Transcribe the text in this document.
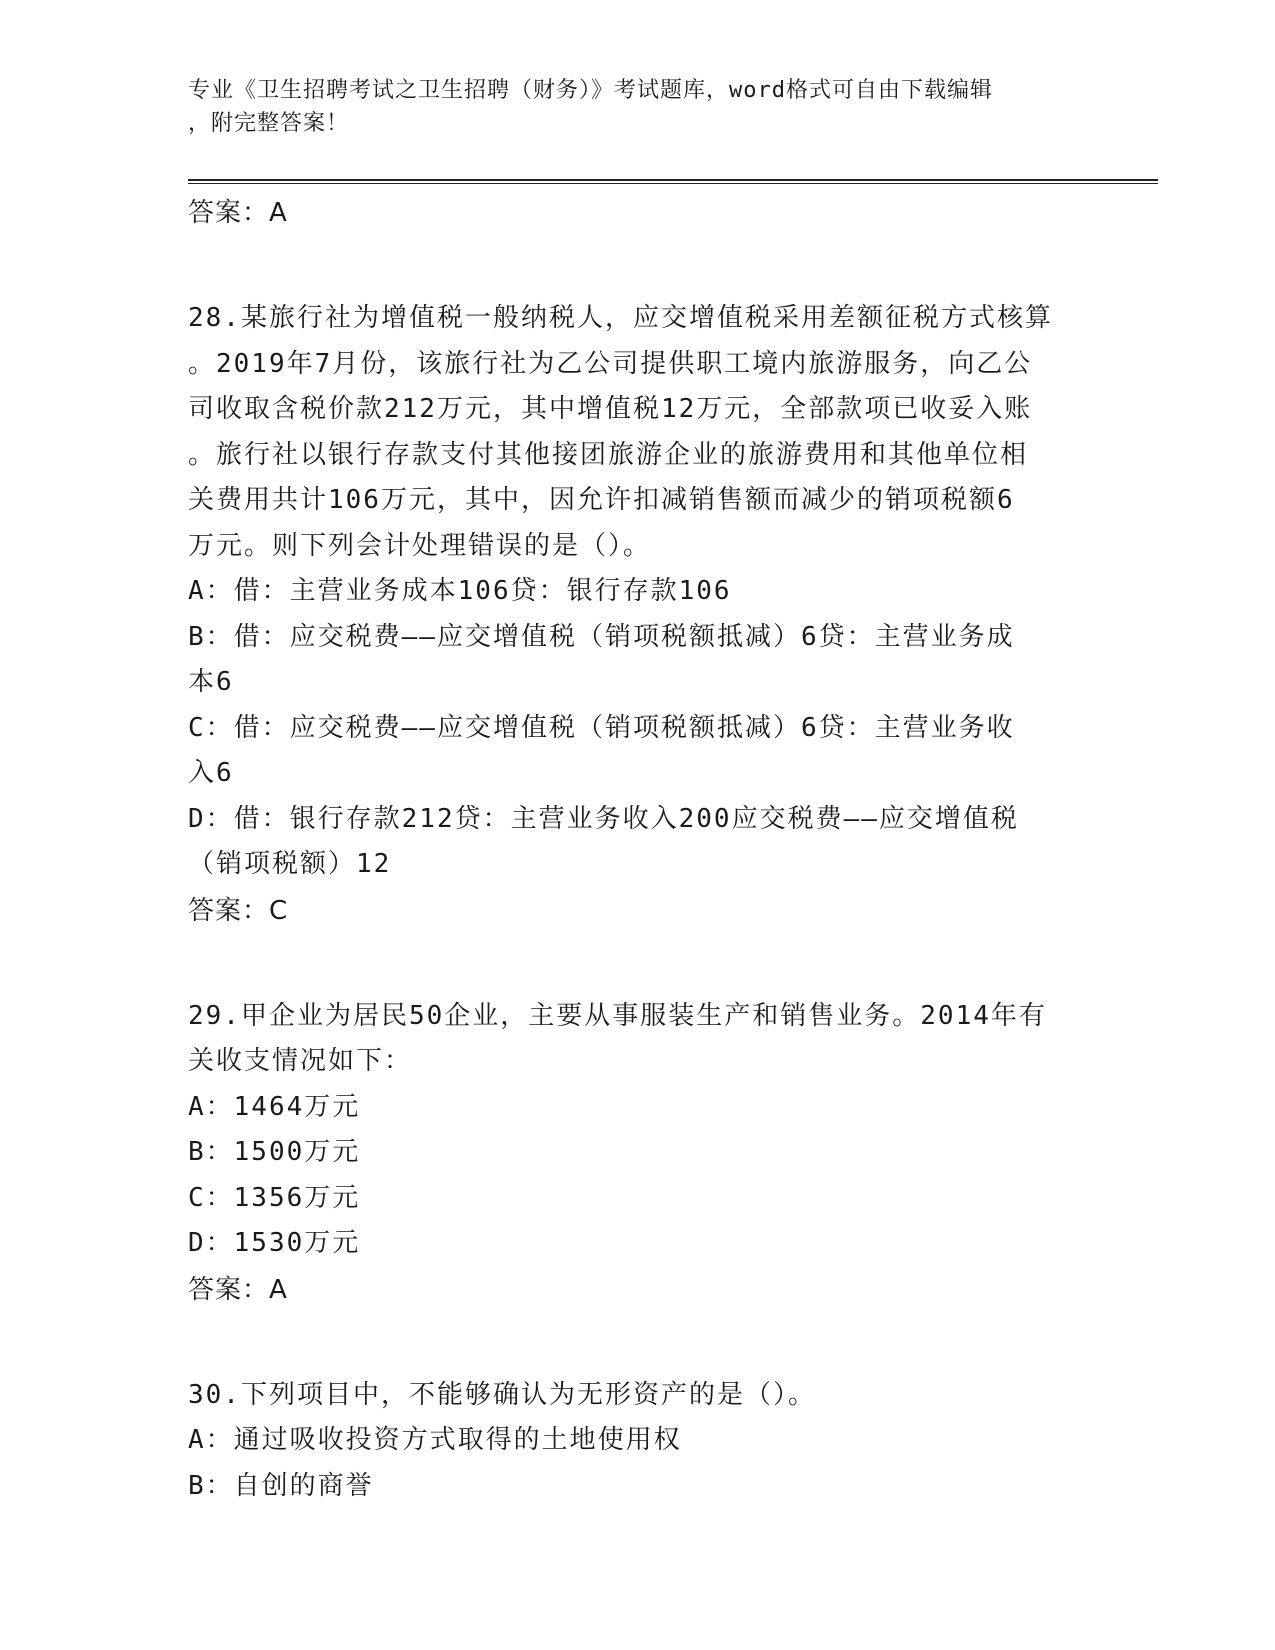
专业《卫生招聘考试之卫生招聘（财务）》考试题库，word格式可自由下载编辑
，附完整答案！

答案：A

28.某旅行社为增值税一般纳税人，应交增值税采用差额征税方式核算

。2019年7月份，该旅行社为乙公司提供职工境内旅游服务，向乙公

司收取含税价款212万元，其中增值税12万元，全部款项已收妥入账

。旅行社以银行存款支付其他接团旅游企业的旅游费用和其他单位相

关费用共计106万元，其中，因允许扣减销售额而减少的销项税额6

万元。则下列会计处理错误的是（）。

A：借：主营业务成本106贷：银行存款106

B：借：应交税费——应交增值税（销项税额抵减）6贷：主营业务成

本6

C：借：应交税费——应交增值税（销项税额抵减）6贷：主营业务收

入6

D：借：银行存款212贷：主营业务收入200应交税费——应交增值税

（销项税额）12

答案：C

29.甲企业为居民50企业，主要从事服装生产和销售业务。2014年有

关收支情况如下：

A：1464万元

B：1500万元

C：1356万元

D：1530万元

答案：A

30.下列项目中，不能够确认为无形资产的是（）。

A：通过吸收投资方式取得的土地使用权

B：自创的商誉
